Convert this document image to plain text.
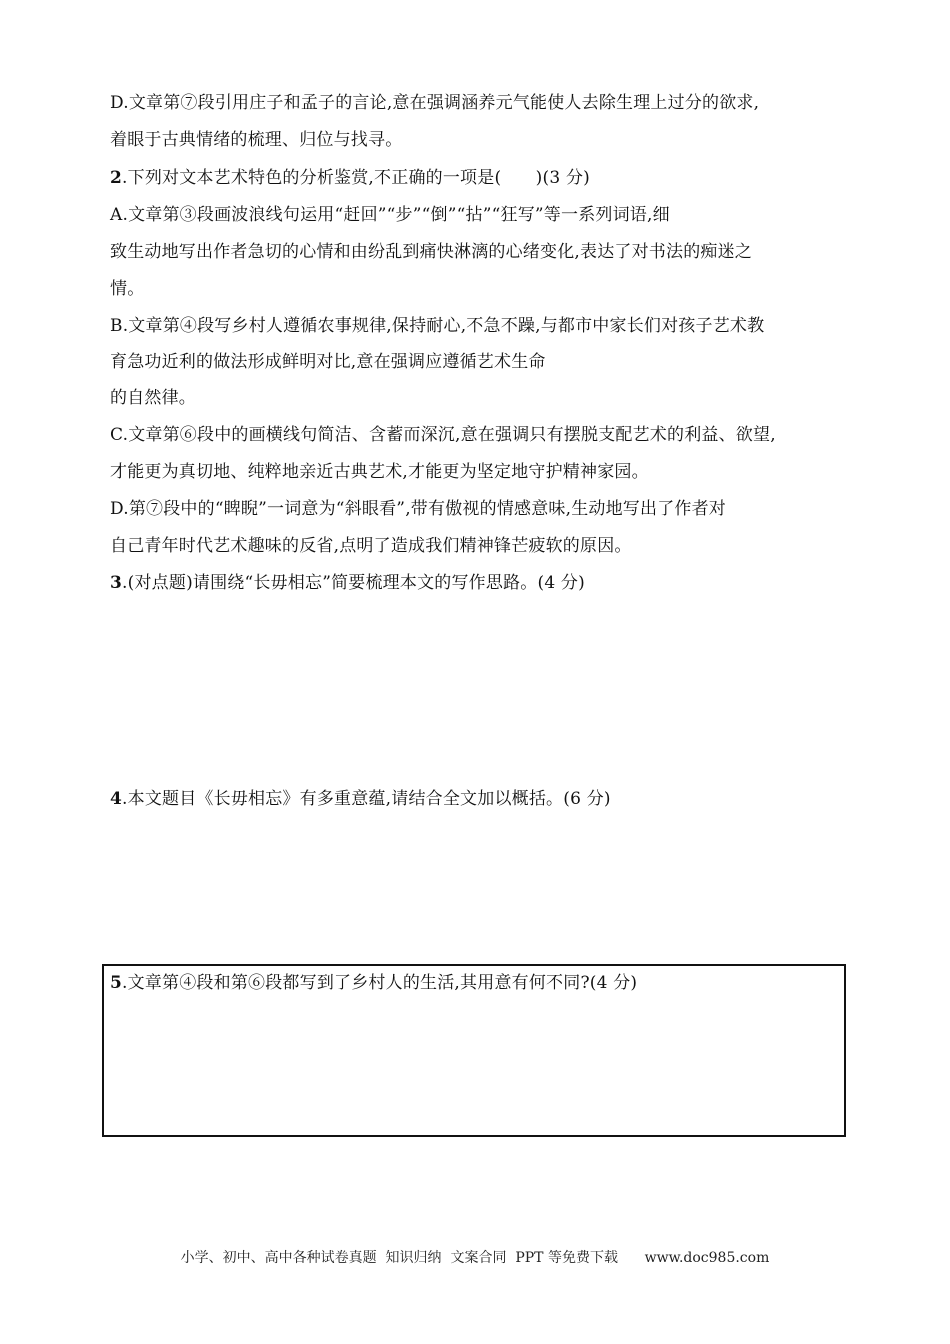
D.文章第⑦段引用庄子和孟子的言论,意在强调涵养元气能使人去除生理上过分的欲求,
着眼于古典情绪的梳理、归位与找寻。
2.下列对文本艺术特色的分析鉴赏,不正确的一项是(　　)(3 分)
A.文章第③段画波浪线句运用“赶回”“步”“倒”“拈”“狂写”等一系列词语,细
致生动地写出作者急切的心情和由纷乱到痛快淋漓的心绪变化,表达了对书法的痴迷之
情。
B.文章第④段写乡村人遵循农事规律,保持耐心,不急不躁,与都市中家长们对孩子艺术教
育急功近利的做法形成鲜明对比,意在强调应遵循艺术生命
的自然律。
C.文章第⑥段中的画横线句简洁、含蓄而深沉,意在强调只有摆脱支配艺术的利益、欲望,
才能更为真切地、纯粹地亲近古典艺术,才能更为坚定地守护精神家园。
D.第⑦段中的“睥睨”一词意为“斜眼看”,带有傲视的情感意味,生动地写出了作者对
自己青年时代艺术趣味的反省,点明了造成我们精神锋芒疲软的原因。
3.(对点题)请围绕“长毋相忘”简要梳理本文的写作思路。(4 分)
4.本文题目《长毋相忘》有多重意蕴,请结合全文加以概括。(6 分)
5.文章第④段和第⑥段都写到了乡村人的生活,其用意有何不同?(4 分)
小学、初中、高中各种试卷真题  知识归纳  文案合同  PPT 等免费下载      www.doc985.com
